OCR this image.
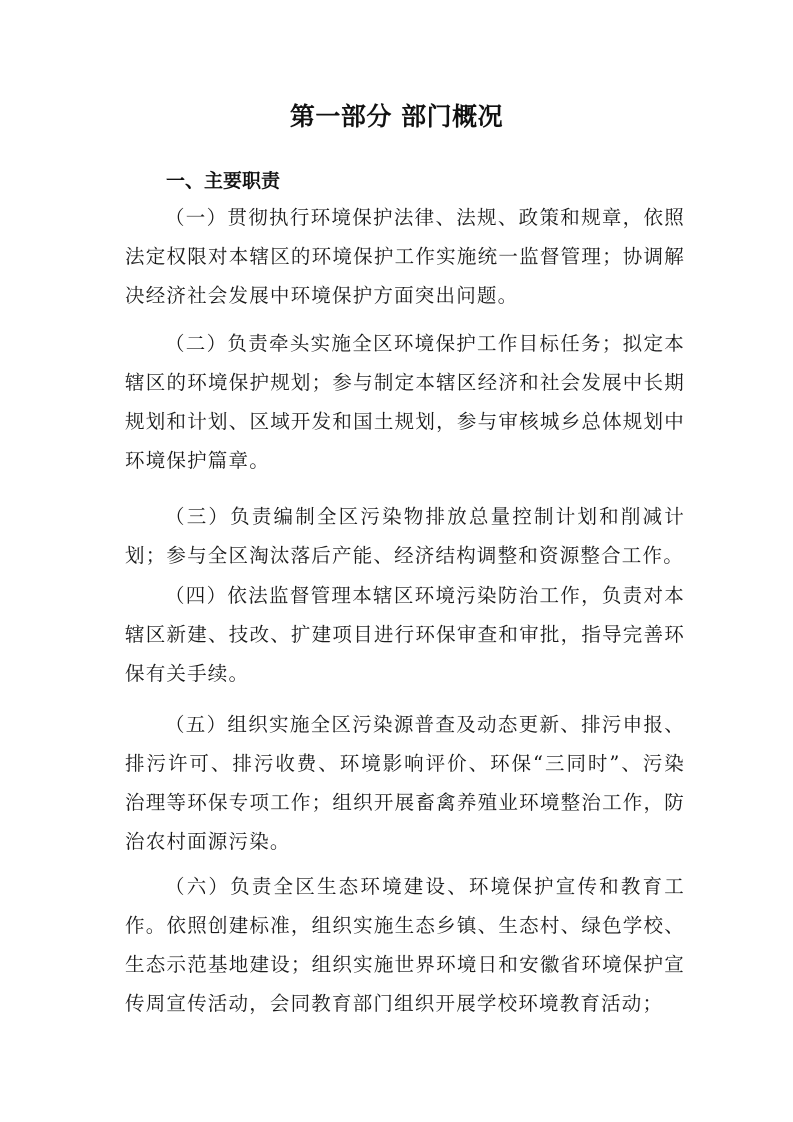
第一部分 部门概况
一、主要职责

（一）贯彻执行环境保护法律、法规、政策和规章，依照法定权限对本辖区的环境保护工作实施统一监督管理；协调解决经济社会发展中环境保护方面突出问题。

（二）负责牵头实施全区环境保护工作目标任务；拟定本辖区的环境保护规划；参与制定本辖区经济和社会发展中长期规划和计划、区域开发和国土规划，参与审核城乡总体规划中环境保护篇章。

（三）负责编制全区污染物排放总量控制计划和削减计划；参与全区淘汰落后产能、经济结构调整和资源整合工作。

（四）依法监督管理本辖区环境污染防治工作，负责对本辖区新建、技改、扩建项目进行环保审查和审批，指导完善环保有关手续。

（五）组织实施全区污染源普查及动态更新、排污申报、排污许可、排污收费、环境影响评价、环保“三同时”、污染治理等环保专项工作；组织开展畜禽养殖业环境整治工作，防治农村面源污染。

（六）负责全区生态环境建设、环境保护宣传和教育工作。依照创建标准，组织实施生态乡镇、生态村、绿色学校、生态示范基地建设；组织实施世界环境日和安徽省环境保护宣传周宣传活动，会同教育部门组织开展学校环境教育活动；
